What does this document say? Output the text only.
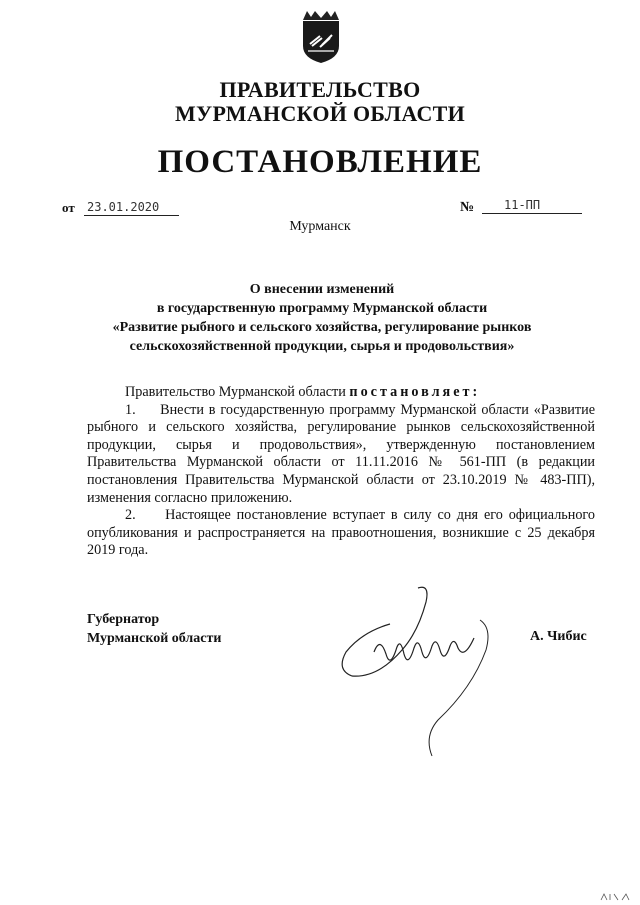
ПРАВИТЕЛЬСТВО
МУРМАНСКОЙ ОБЛАСТИ
ПОСТАНОВЛЕНИЕ
от 23.01.2020	№	11-ПП
Мурманск
О внесении изменений
в государственную программу Мурманской области
«Развитие рыбного и сельского хозяйства, регулирование рынков
сельскохозяйственной продукции, сырья и продовольствия»

Правительство Мурманской области постановляет:

1.     Внести в государственную программу Мурманской области «Развитие рыбного и сельского хозяйства, регулирование рынков сельскохозяйственной продукции, сырья и продовольствия», утвержденную постановлением Правительства Мурманской области от 11.11.2016 № 561-ПП (в редакции постановления Правительства Мурманской области от 23.10.2019 № 483-ПП), изменения согласно приложению.

2.     Настоящее постановление вступает в силу со дня его официального опубликования и распространяется на правоотношения, возникшие с 25 декабря 2019 года.

Губернатор
Мурманской области	А. Чибис
